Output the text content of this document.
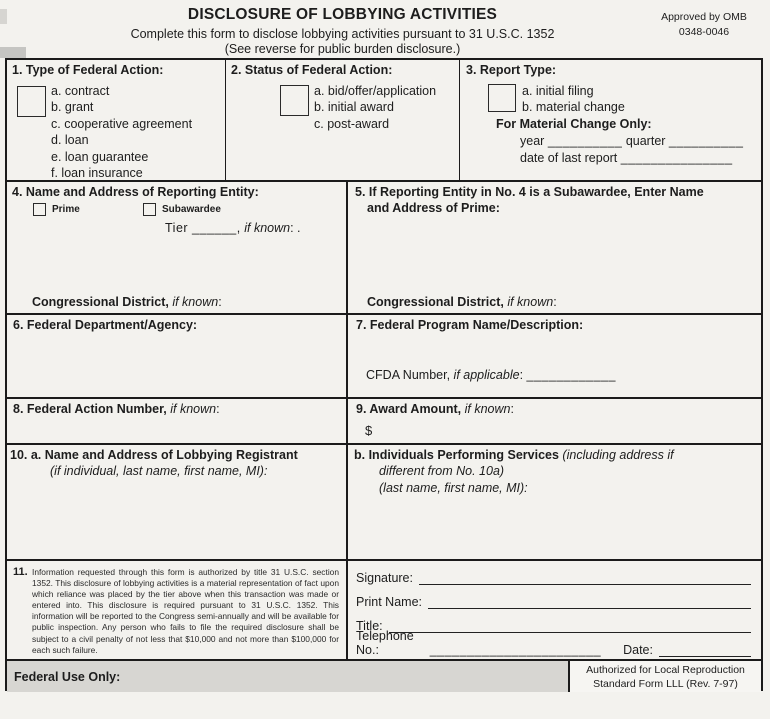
DISCLOSURE OF LOBBYING ACTIVITIES
Complete this form to disclose lobbying activities pursuant to 31 U.S.C. 1352
(See reverse for public burden disclosure.)
Approved by OMB
0348-0046
1. Type of Federal Action:
a. contract
b. grant
c. cooperative agreement
d. loan
e. loan guarantee
f. loan insurance
2. Status of Federal Action:
a. bid/offer/application
b. initial award
c. post-award
3. Report Type:
a. initial filing
b. material change
For Material Change Only:
year __________ quarter __________
date of last report _______________
4. Name and Address of Reporting Entity:
Prime	Subawardee
Tier ______, if known: .
Congressional District, if known:
5. If Reporting Entity in No. 4 is a Subawardee, Enter Name
and Address of Prime:
Congressional District, if known:
6. Federal Department/Agency:	7. Federal Program Name/Description:
CFDA Number, if applicable: ____________
8. Federal Action Number, if known:	9. Award Amount, if known:
$
10. a. Name and Address of Lobbying Registrant
(if individual, last name, first name, MI):
b. Individuals Performing Services (including address if
different from No. 10a)
(last name, first name, MI):
11. Information requested through this form is authorized by title 31 U.S.C. section 1352. This disclosure of lobbying activities is a material representation of fact upon which reliance was placed by the tier above when this transaction was made or entered into. This disclosure is required pursuant to 31 U.S.C. 1352. This information will be reported to the Congress semi-annually and will be available for public inspection. Any person who fails to file the required disclosure shall be subject to a civil penalty of not less that $10,000 and not more than $100,000 for each such failure.
Signature:
Print Name:
Title:
Telephone No.:	_______________________ Date:
Federal Use Only:	Authorized for Local Reproduction
Standard Form LLL (Rev. 7-97)
